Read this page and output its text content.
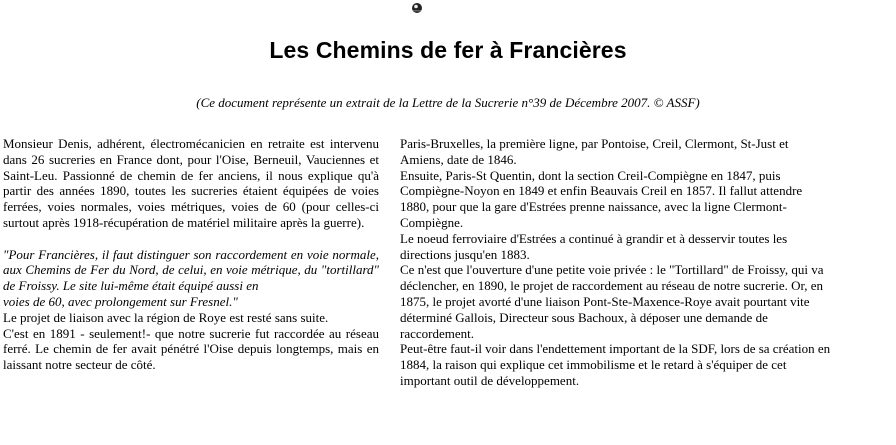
Les Chemins de fer à Francières
(Ce document représente un extrait de la Lettre de la Sucrerie n°39 de Décembre 2007. © ASSF)

Monsieur Denis, adhérent, électromécanicien en retraite est intervenu dans 26 sucreries en France dont, pour l'Oise, Berneuil, Vauciennes et Saint-Leu. Passionné de chemin de fer anciens, il nous explique qu'à partir des années 1890, toutes les sucreries étaient équipées de voies ferrées, voies normales, voies métriques, voies de 60 (pour celles-ci surtout après 1918-récupération de matériel militaire après la guerre).

"Pour Francières, il faut distinguer son raccordement en voie normale, aux Chemins de Fer du Nord, de celui, en voie métrique, du "tortillard" de Froissy. Le site lui-même était équipé aussi en

voies de 60, avec prolongement sur Fresnel."

Le projet de liaison avec la région de Roye est resté sans suite.

C'est en 1891 - seulement!- que notre sucrerie fut raccordée au réseau ferré. Le chemin de fer avait pénétré l'Oise depuis longtemps, mais en laissant notre secteur de côté.

Paris-Bruxelles, la première ligne, par Pontoise, Creil, Clermont, St-Just et Amiens, date de 1846.

Ensuite, Paris-St Quentin, dont la section Creil-Compiègne en 1847, puis Compiègne-Noyon en 1849 et enfin Beauvais Creil en 1857. Il fallut attendre 1880, pour que la gare d'Estrées prenne naissance, avec la ligne Clermont-Compiègne.

Le noeud ferroviaire d'Estrées a continué à grandir et à desservir toutes les directions jusqu'en 1883.

Ce n'est que l'ouverture d'une petite voie privée : le "Tortillard" de Froissy, qui va déclencher, en 1890, le projet de raccordement au réseau de notre sucrerie. Or, en 1875, le projet avorté d'une liaison Pont-Ste-Maxence-Roye avait pourtant vite déterminé Gallois, Directeur sous Bachoux, à déposer une demande de raccordement.

Peut-être faut-il voir dans l'endettement important de la SDF, lors de sa création en 1884, la raison qui explique cet immobilisme et le retard à s'équiper de cet important outil de développement.
